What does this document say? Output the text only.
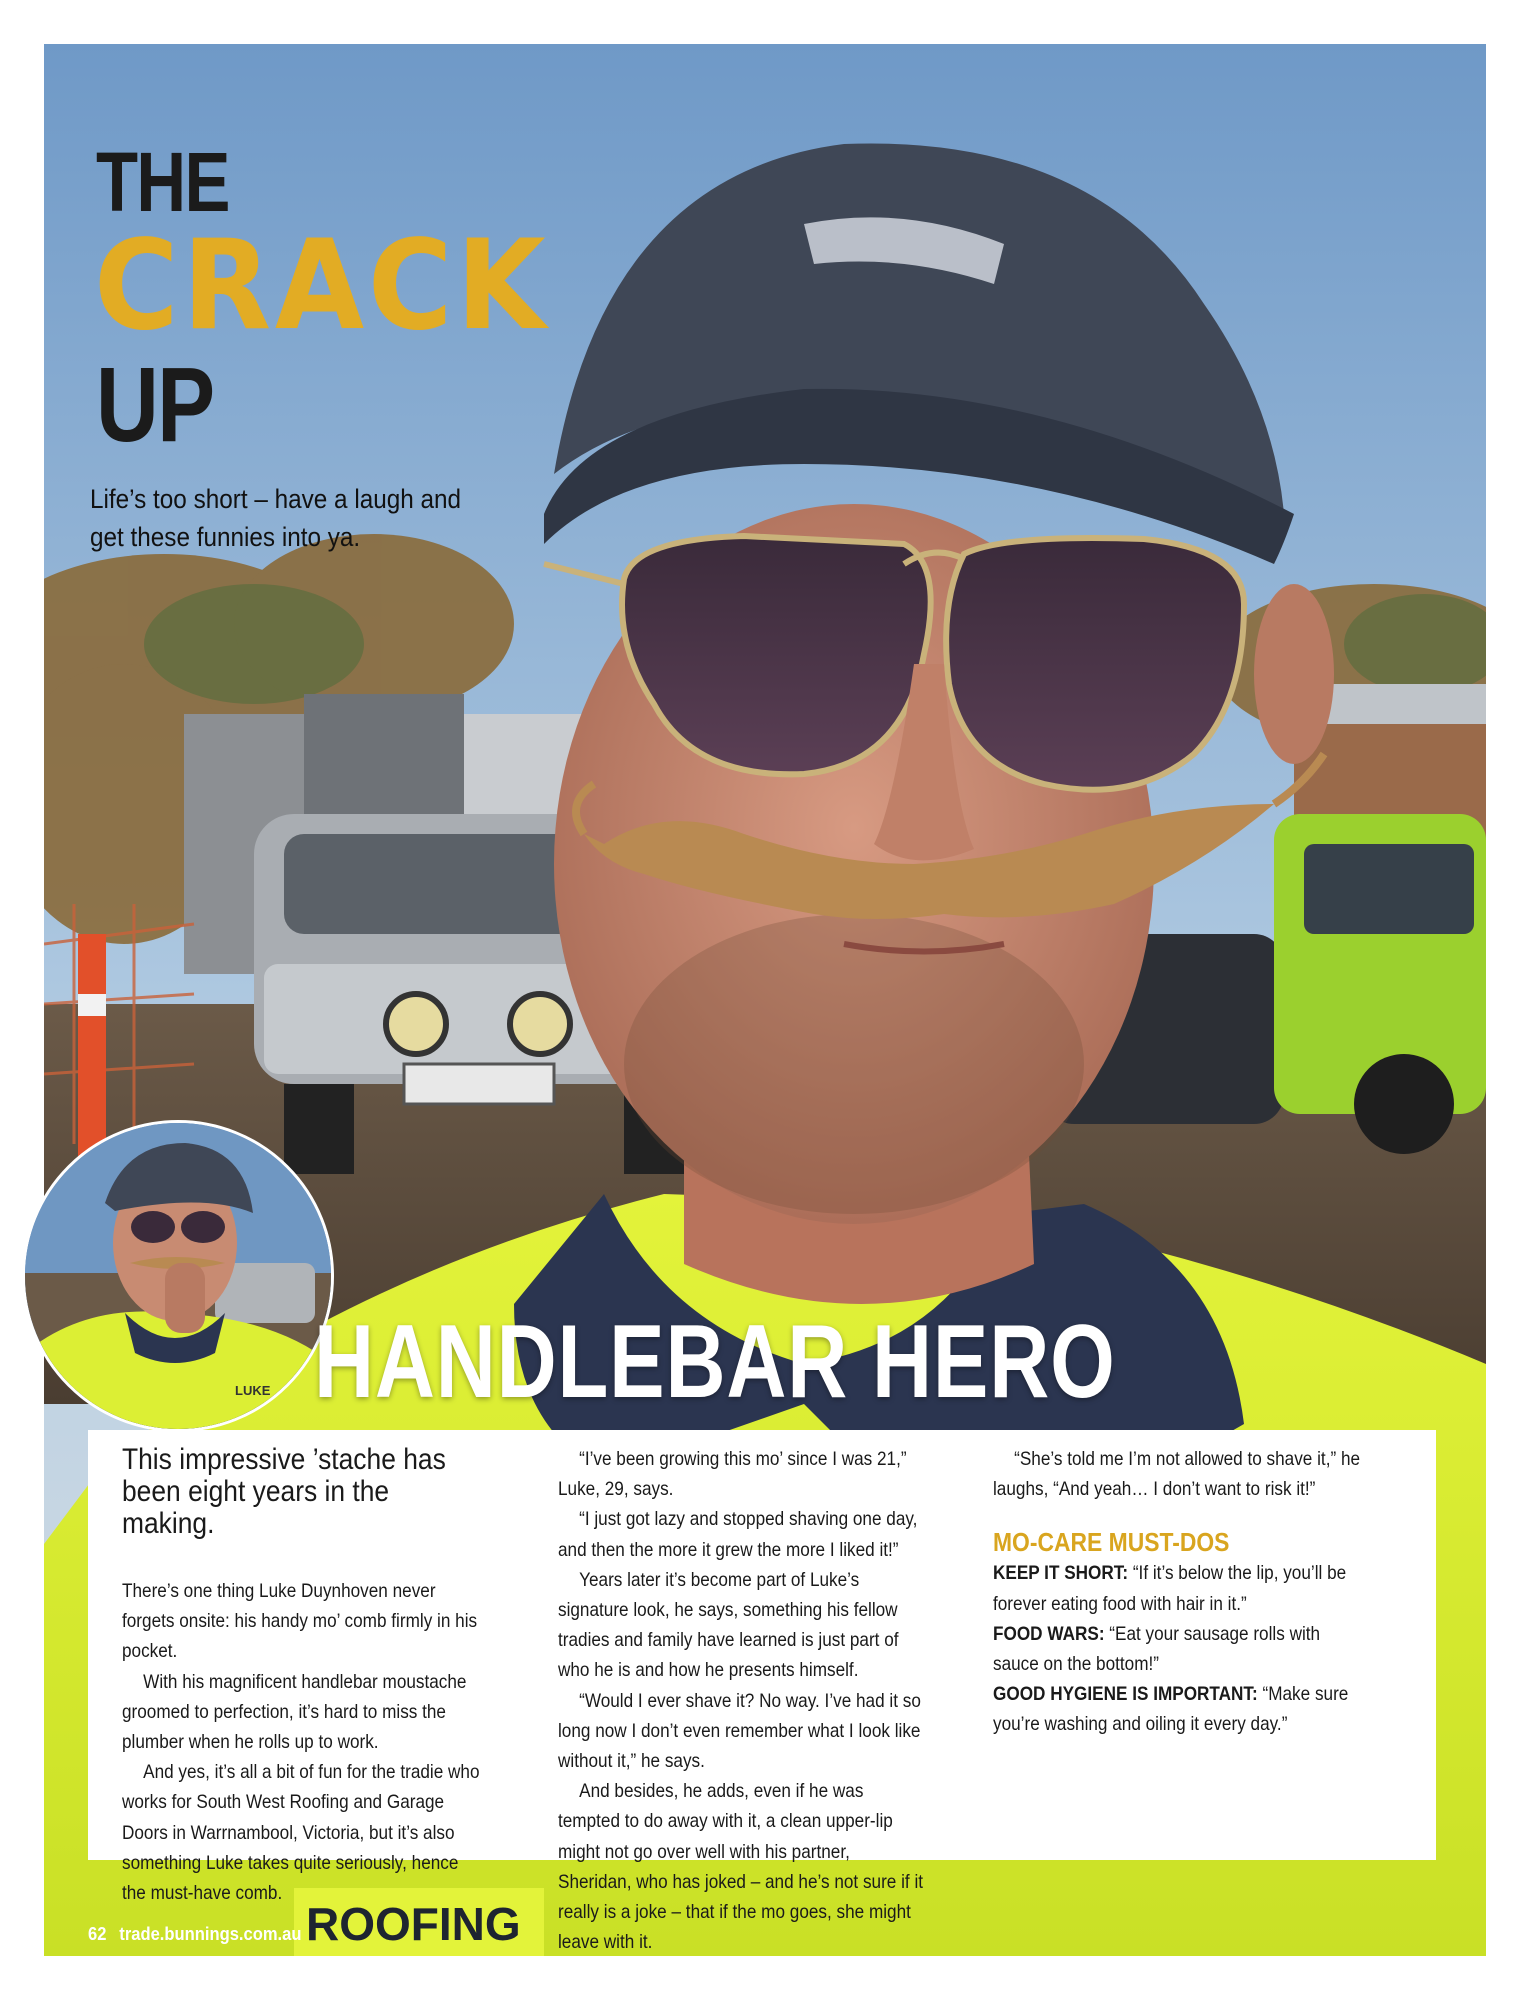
ROOFING
THE
CRACK
UP
Life’s too short – have a laugh and get these funnies into ya.
LUKE HANDLEBAR HERO

This impressive ’stache has been eight years in the making.

There’s one thing Luke Duynhoven never forgets onsite: his handy mo’ comb firmly in his pocket.

With his magnificent handlebar moustache groomed to perfection, it’s hard to miss the plumber when he rolls up to work.

And yes, it’s all a bit of fun for the tradie who works for South West Roofing and Garage Doors in Warrnambool, Victoria, but it’s also something Luke takes quite seriously, hence the must-have comb.

“I’ve been growing this mo’ since I was 21,” Luke, 29, says.

“I just got lazy and stopped shaving one day, and then the more it grew the more I liked it!”

Years later it’s become part of Luke’s signature look, he says, something his fellow tradies and family have learned is just part of who he is and how he presents himself.

“Would I ever shave it? No way. I’ve had it so long now I don’t even remember what I look like without it,” he says.

And besides, he adds, even if he was tempted to do away with it, a clean upper-lip might not go over well with his partner, Sheridan, who has joked – and he’s not sure if it really is a joke – that if the mo goes, she might leave with it.

“She’s told me I’m not allowed to shave it,” he laughs, “And yeah… I don’t want to risk it!”

MO-CARE MUST-DOS

KEEP IT SHORT: “If it’s below the lip, you’ll be forever eating food with hair in it.”

FOOD WARS: “Eat your sausage rolls with sauce on the bottom!”

GOOD HYGIENE IS IMPORTANT: “Make sure you’re washing and oiling it every day.”

62 trade.bunnings.com.au
